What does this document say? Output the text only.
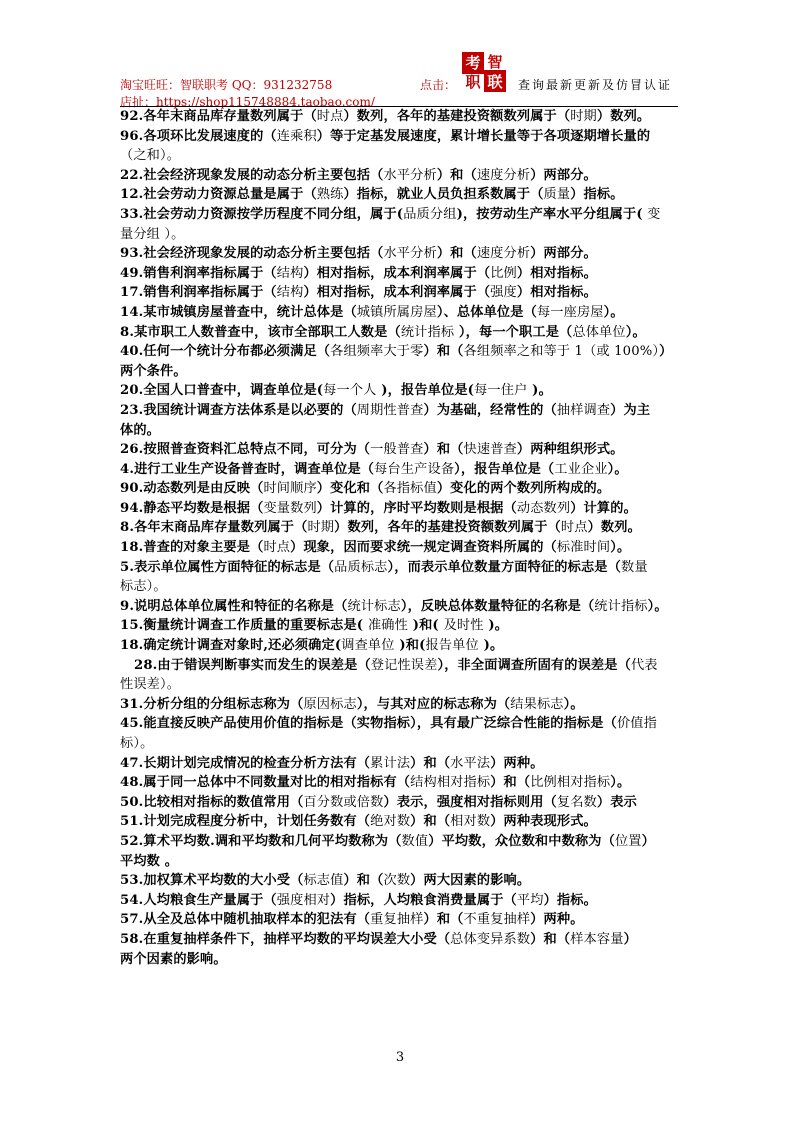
淘宝旺旺：智联职考 QQ：931232758
店扯：https://shop115748884.taobao.com/
点击：
考 智
职 联 查询最新更新及仿冒认证
92.各年末商品库存量数列属于（时点）数列，各年的基建投资额数列属于（时期）数列。
96.各项环比发展速度的（连乘积）等于定基发展速度，累计增长量等于各项逐期增长量的
（之和）。
22.社会经济现象发展的动态分析主要包括（水平分析）和（速度分析）两部分。
12.社会劳动力资源总量是属于（熟练）指标，就业人员负担系数属于（质量）指标。
33.社会劳动力资源按学历程度不同分组，属于(品质分组)，按劳动生产率水平分组属于( 变
量分组 ）。
93.社会经济现象发展的动态分析主要包括（水平分析）和（速度分析）两部分。
49.销售利润率指标属于（结构）相对指标，成本利润率属于（比例）相对指标。
17.销售利润率指标属于（结构）相对指标，成本利润率属于（强度）相对指标。
14.某市城镇房屋普查中，统计总体是（城镇所属房屋）、总体单位是（每一座房屋）。
8.某市职工人数普查中，该市全部职工人数是（统计指标 ），每一个职工是（总体单位）。
40.任何一个统计分布都必须满足（各组频率大于零）和（各组频率之和等于 1（或 100%））
两个条件。
20.全国人口普查中，调查单位是(每一个人 )，报告单位是(每一住户 )。
23.我国统计调查方法体系是以必要的（周期性普查）为基础，经常性的（抽样调查）为主
体的。
26.按照普查资料汇总特点不同，可分为（一般普查）和（快速普查）两种组织形式。
4.进行工业生产设备普查时，调查单位是（每台生产设备），报告单位是（工业企业）。
90.动态数列是由反映（时间顺序）变化和（各指标值）变化的两个数列所构成的。
94.静态平均数是根据（变量数列）计算的，序时平均数则是根据（动态数列）计算的。
8.各年末商品库存量数列属于（时期）数列，各年的基建投资额数列属于（时点）数列。
18.普查的对象主要是（时点）现象，因而要求统一规定调查资料所属的（标准时间）。
5.表示单位属性方面特征的标志是（品质标志），而表示单位数量方面特征的标志是（数量
标志）。
9.说明总体单位属性和特征的名称是（统计标志），反映总体数量特征的名称是（统计指标）。
15.衡量统计调查工作质量的重要标志是( 准确性 )和( 及时性 )。
18.确定统计调查对象时,还必须确定(调查单位 )和(报告单位 )。
28.由于错误判断事实而发生的误差是（登记性误差），非全面调查所固有的误差是（代表
性误差）。
31.分析分组的分组标志称为（原因标志），与其对应的标志称为（结果标志）。
45.能直接反映产品使用价值的指标是（实物指标），具有最广泛综合性能的指标是（价值指
标）。
47.长期计划完成情况的检查分析方法有（累计法）和（水平法）两种。
48.属于同一总体中不同数量对比的相对指标有（结构相对指标）和（比例相对指标）。
50.比较相对指标的数值常用（百分数或倍数）表示，强度相对指标则用（复名数）表示
51.计划完成程度分析中，计划任务数有（绝对数）和（相对数）两种表现形式。
52.算术平均数.调和平均数和几何平均数称为（数值）平均数，众位数和中数称为（位置）
平均数 。
53.加权算术平均数的大小受（标志值）和（次数）两大因素的影响。
54.人均粮食生产量属于（强度相对）指标，人均粮食消费量属于（平均）指标。
57.从全及总体中随机抽取样本的犯法有（重复抽样）和（不重复抽样）两种。
58.在重复抽样条件下，抽样平均数的平均误差大小受（总体变异系数）和（样本容量）
两个因素的影响。
3
